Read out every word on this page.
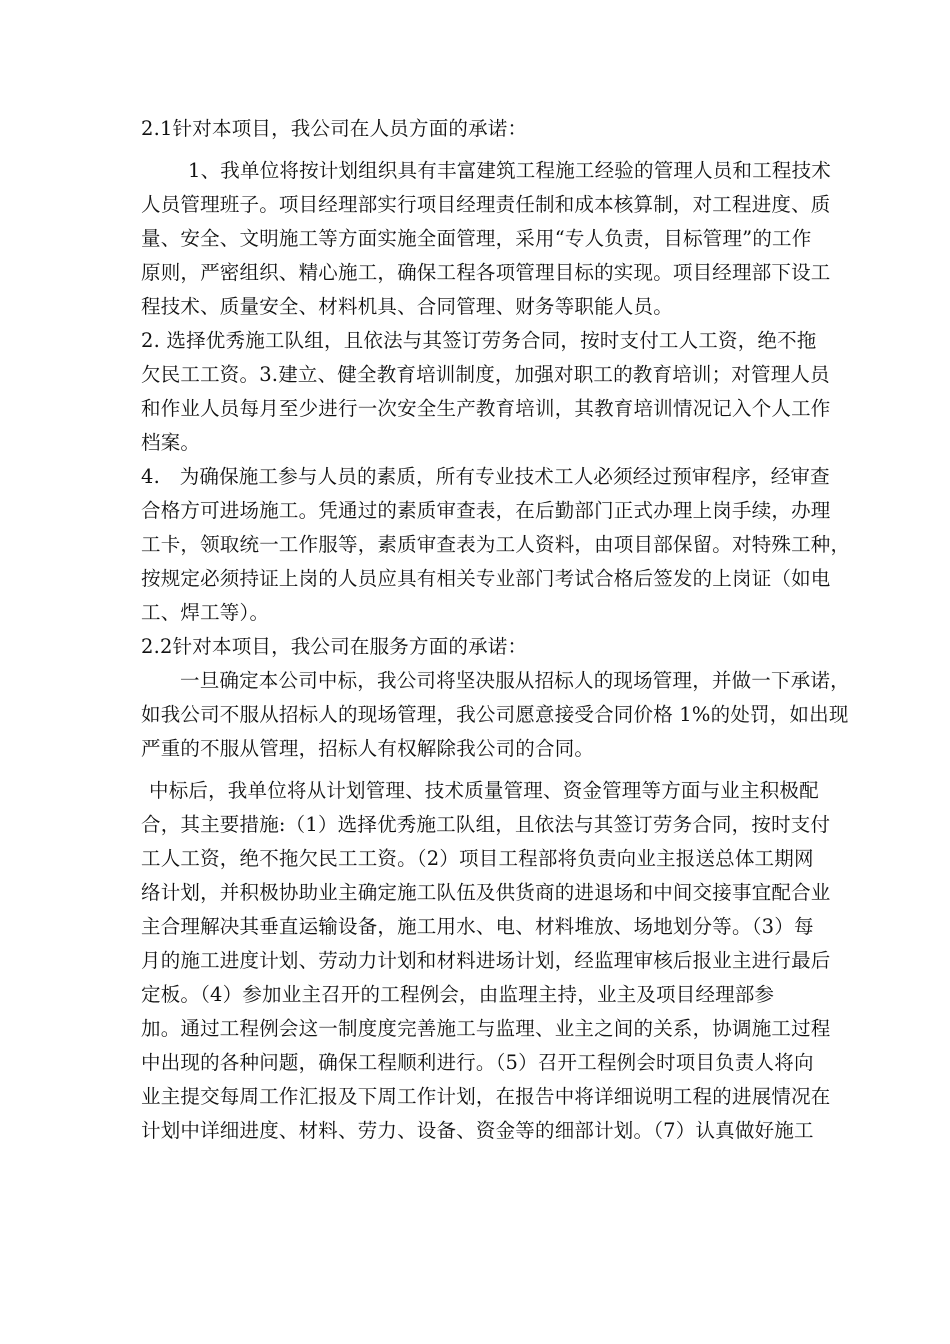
2.1针对本项目，我公司在人员方面的承诺：
1、我单位将按计划组织具有丰富建筑工程施工经验的管理人员和工程技术
人员管理班子。项目经理部实行项目经理责任制和成本核算制，对工程进度、质
量、安全、文明施工等方面实施全面管理，采用“专人负责，目标管理”的工作
原则，严密组织、精心施工，确保工程各项管理目标的实现。项目经理部下设工
程技术、质量安全、材料机具、合同管理、财务等职能人员。
2. 选择优秀施工队组，且依法与其签订劳务合同，按时支付工人工资，绝不拖
欠民工工资。3.建立、健全教育培训制度，加强对职工的教育培训；对管理人员
和作业人员每月至少进行一次安全生产教育培训，其教育培训情况记入个人工作
档案。
4.　为确保施工参与人员的素质，所有专业技术工人必须经过预审程序，经审查
合格方可进场施工。凭通过的素质审查表，在后勤部门正式办理上岗手续，办理
工卡，领取统一工作服等，素质审查表为工人资料，由项目部保留。对特殊工种，
按规定必须持证上岗的人员应具有相关专业部门考试合格后签发的上岗证（如电
工、焊工等）。
2.2针对本项目，我公司在服务方面的承诺：
一旦确定本公司中标，我公司将坚决服从招标人的现场管理，并做一下承诺，
如我公司不服从招标人的现场管理，我公司愿意接受合同价格 1%的处罚，如出现
严重的不服从管理，招标人有权解除我公司的合同。
中标后，我单位将从计划管理、技术质量管理、资金管理等方面与业主积极配
合，其主要措施:（1）选择优秀施工队组，且依法与其签订劳务合同，按时支付
工人工资，绝不拖欠民工工资。（2）项目工程部将负责向业主报送总体工期网
络计划，并积极协助业主确定施工队伍及供货商的进退场和中间交接事宜配合业
主合理解决其垂直运输设备，施工用水、电、材料堆放、场地划分等。（3）每
月的施工进度计划、劳动力计划和材料进场计划，经监理审核后报业主进行最后
定板。（4）参加业主召开的工程例会，由监理主持，业主及项目经理部参
加。通过工程例会这一制度度完善施工与监理、业主之间的关系，协调施工过程
中出现的各种问题，确保工程顺利进行。（5）召开工程例会时项目负责人将向
业主提交每周工作汇报及下周工作计划，在报告中将详细说明工程的进展情况在
计划中详细进度、材料、劳力、设备、资金等的细部计划。（7）认真做好施工
